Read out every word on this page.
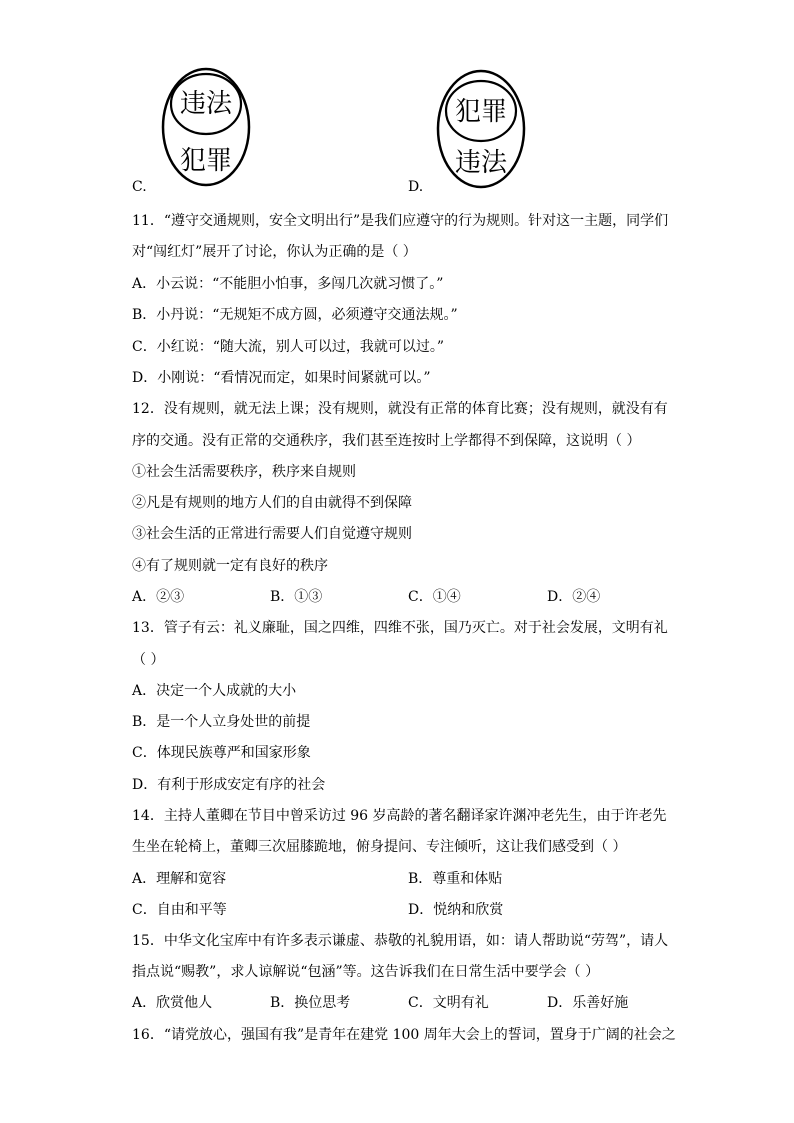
违法
犯罪
C.
犯罪
违法
D.
11．“遵守交通规则，安全文明出行”是我们应遵守的行为规则。针对这一主题，同学们
对“闯红灯”展开了讨论，你认为正确的是（ ）
A．小云说：“不能胆小怕事，多闯几次就习惯了。”
B．小丹说：“无规矩不成方圆，必须遵守交通法规。”
C．小红说：“随大流，别人可以过，我就可以过。”
D．小刚说：“看情况而定，如果时间紧就可以。”
12．没有规则，就无法上课；没有规则，就没有正常的体育比赛；没有规则，就没有有
序的交通。没有正常的交通秩序，我们甚至连按时上学都得不到保障，这说明（ ）
①社会生活需要秩序，秩序来自规则
②凡是有规则的地方人们的自由就得不到保障
③社会生活的正常进行需要人们自觉遵守规则
④有了规则就一定有良好的秩序
A．②③	B．①③	C．①④	D．②④
13．管子有云：礼义廉耻，国之四维，四维不张，国乃灭亡。对于社会发展，文明有礼
（ ）
A．决定一个人成就的大小
B．是一个人立身处世的前提
C．体现民族尊严和国家形象
D．有利于形成安定有序的社会
14．主持人董卿在节目中曾采访过 96 岁高龄的著名翻译家许渊冲老先生，由于许老先
生坐在轮椅上，董卿三次屈膝跪地，俯身提问、专注倾听，这让我们感受到（ ）
A．理解和宽容	B．尊重和体贴
C．自由和平等	D．悦纳和欣赏
15．中华文化宝库中有许多表示谦虚、恭敬的礼貌用语，如：请人帮助说“劳驾”，请人
指点说“赐教”，求人谅解说“包涵”等。这告诉我们在日常生活中要学会（ ）
A．欣赏他人	B．换位思考	C．文明有礼	D．乐善好施
16．“请党放心，强国有我”是青年在建党 100 周年大会上的誓词，置身于广阔的社会之
